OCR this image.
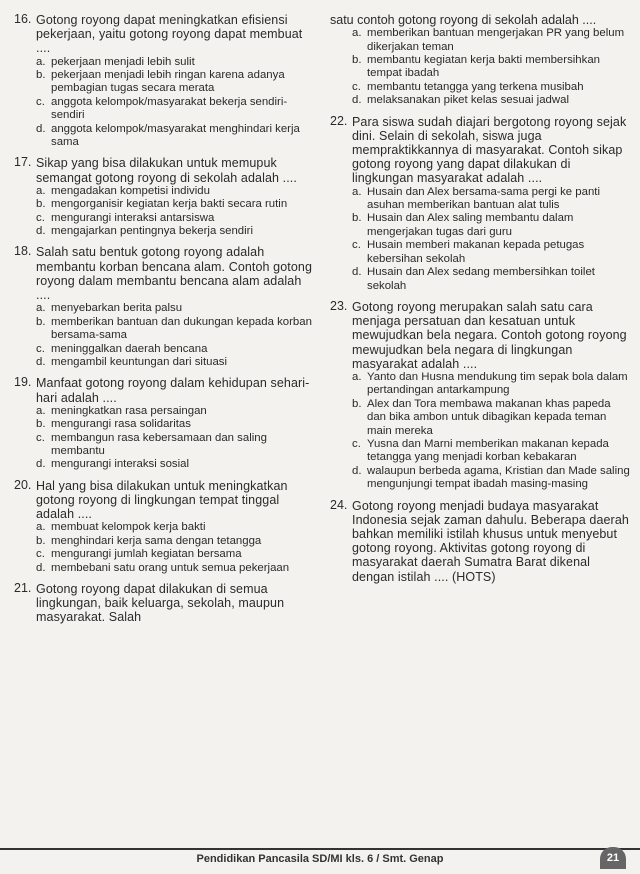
16. Gotong royong dapat meningkatkan efisiensi pekerjaan, yaitu gotong royong dapat membuat ....
a. pekerjaan menjadi lebih sulit
b. pekerjaan menjadi lebih ringan karena adanya pembagian tugas secara merata
c. anggota kelompok/masyarakat bekerja sendiri-sendiri
d. anggota kelompok/masyarakat menghindari kerja sama
17. Sikap yang bisa dilakukan untuk memupuk semangat gotong royong di sekolah adalah ....
a. mengadakan kompetisi individu
b. mengorganisir kegiatan kerja bakti secara rutin
c. mengurangi interaksi antarsiswa
d. mengajarkan pentingnya bekerja sendiri
18. Salah satu bentuk gotong royong adalah membantu korban bencana alam. Contoh gotong royong dalam membantu bencana alam adalah ....
a. menyebarkan berita palsu
b. memberikan bantuan dan dukungan kepada korban bersama-sama
c. meninggalkan daerah bencana
d. mengambil keuntungan dari situasi
19. Manfaat gotong royong dalam kehidupan sehari-hari adalah ....
a. meningkatkan rasa persaingan
b. mengurangi rasa solidaritas
c. membangun rasa kebersamaan dan saling membantu
d. mengurangi interaksi sosial
20. Hal yang bisa dilakukan untuk meningkatkan gotong royong di lingkungan tempat tinggal adalah ....
a. membuat kelompok kerja bakti
b. menghindari kerja sama dengan tetangga
c. mengurangi jumlah kegiatan bersama
d. membebani satu orang untuk semua pekerjaan
21. Gotong royong dapat dilakukan di semua lingkungan, baik keluarga, sekolah, maupun masyarakat. Salah
satu contoh gotong royong di sekolah adalah ....
a. memberikan bantuan mengerjakan PR yang belum dikerjakan teman
b. membantu kegiatan kerja bakti membersihkan tempat ibadah
c. membantu tetangga yang terkena musibah
d. melaksanakan piket kelas sesuai jadwal
22. Para siswa sudah diajari bergotong royong sejak dini. Selain di sekolah, siswa juga mempraktikkannya di masyarakat. Contoh sikap gotong royong yang dapat dilakukan di lingkungan masyarakat adalah ....
a. Husain dan Alex bersama-sama pergi ke panti asuhan memberikan bantuan alat tulis
b. Husain dan Alex saling membantu dalam mengerjakan tugas dari guru
c. Husain memberi makanan kepada petugas kebersihan sekolah
d. Husain dan Alex sedang membersihkan toilet sekolah
23. Gotong royong merupakan salah satu cara menjaga persatuan dan kesatuan untuk mewujudkan bela negara. Contoh gotong royong mewujudkan bela negara di lingkungan masyarakat adalah ....
a. Yanto dan Husna mendukung tim sepak bola dalam pertandingan antarkampung
b. Alex dan Tora membawa makanan khas papeda dan bika ambon untuk dibagikan kepada teman main mereka
c. Yusna dan Marni memberikan makanan kepada tetangga yang menjadi korban kebakaran
d. walaupun berbeda agama, Kristian dan Made saling mengunjungi tempat ibadah masing-masing
24. Gotong royong menjadi budaya masyarakat Indonesia sejak zaman dahulu. Beberapa daerah bahkan memiliki istilah khusus untuk menyebut gotong royong. Aktivitas gotong royong di masyarakat daerah Sumatra Barat dikenal dengan istilah .... (HOTS)
Pendidikan Pancasila SD/MI kls. 6 / Smt. Genap	21
